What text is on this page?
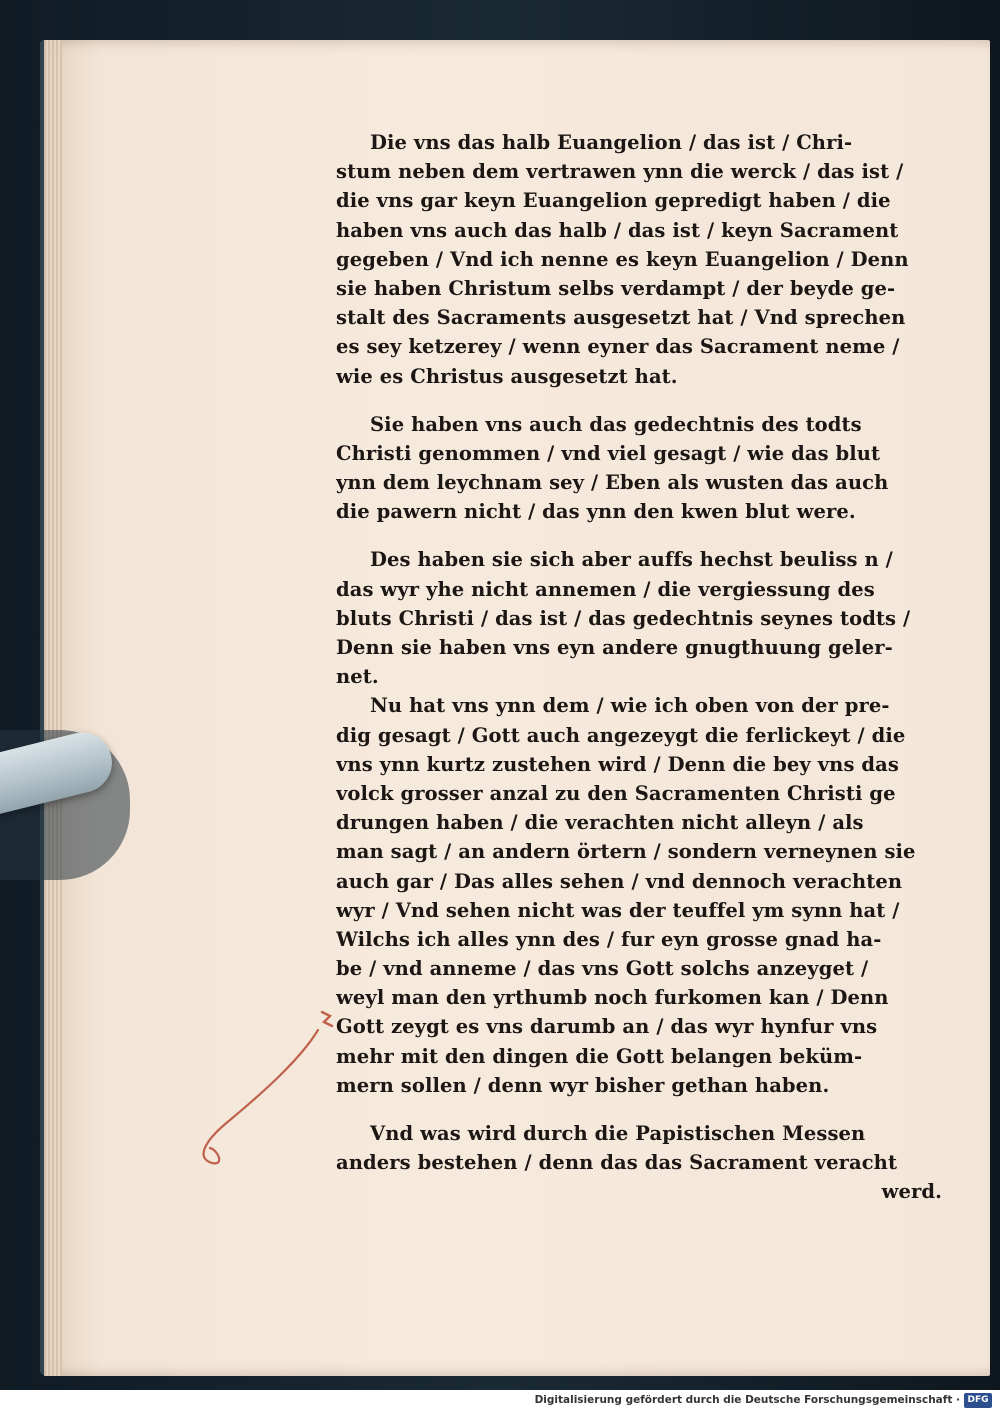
Die vns das halb Euangelion / das ist / Chri-
stum neben dem vertrawen ynn die werck / das ist /
die vns gar keyn Euangelion gepredigt haben / die
haben vns auch das halb / das ist / keyn Sacrament
gegeben / Vnd ich nenne es keyn Euangelion / Denn
sie haben Christum selbs verdampt / der beyde ge-
stalt des Sacraments ausgesetzt hat / Vnd sprechen
es sey ketzerey / wenn eyner das Sacrament neme /
wie es Christus ausgesetzt hat.
Sie haben vns auch das gedechtnis des todts
Christi genommen / vnd viel gesagt / wie das blut
ynn dem leychnam sey / Eben als wusten das auch
die pawern nicht / das ynn den kwen blut were.
Des haben sie sich aber auffs hechst beuliss n /
das wyr yhe nicht annemen / die vergiessung des
bluts Christi / das ist / das gedechtnis seynes todts /
Denn sie haben vns eyn andere gnugthuung geler-
net.
Nu hat vns ynn dem / wie ich oben von der pre-
dig gesagt / Gott auch angezeygt die ferlickeyt / die
vns ynn kurtz zustehen wird / Denn die bey vns das
volck grosser anzal zu den Sacramenten Christi ge
drungen haben / die verachten nicht alleyn / als
man sagt / an andern örtern / sondern verneynen sie
auch gar / Das alles sehen / vnd dennoch verachten
wyr / Vnd sehen nicht was der teuffel ym synn hat /
Wilchs ich alles ynn des / fur eyn grosse gnad ha-
be / vnd anneme / das vns Gott solchs anzeyget /
weyl man den yrthumb noch furkomen kan / Denn
Gott zeygt es vns darumb an / das wyr hynfur vns
mehr mit den dingen die Gott belangen beküm-
mern sollen / denn wyr bisher gethan haben.
Vnd was wird durch die Papistischen Messen
anders bestehen / denn das das Sacrament veracht
werd.
Digitalisierung gefördert durch die Deutsche Forschungsgemeinschaft · DFG
